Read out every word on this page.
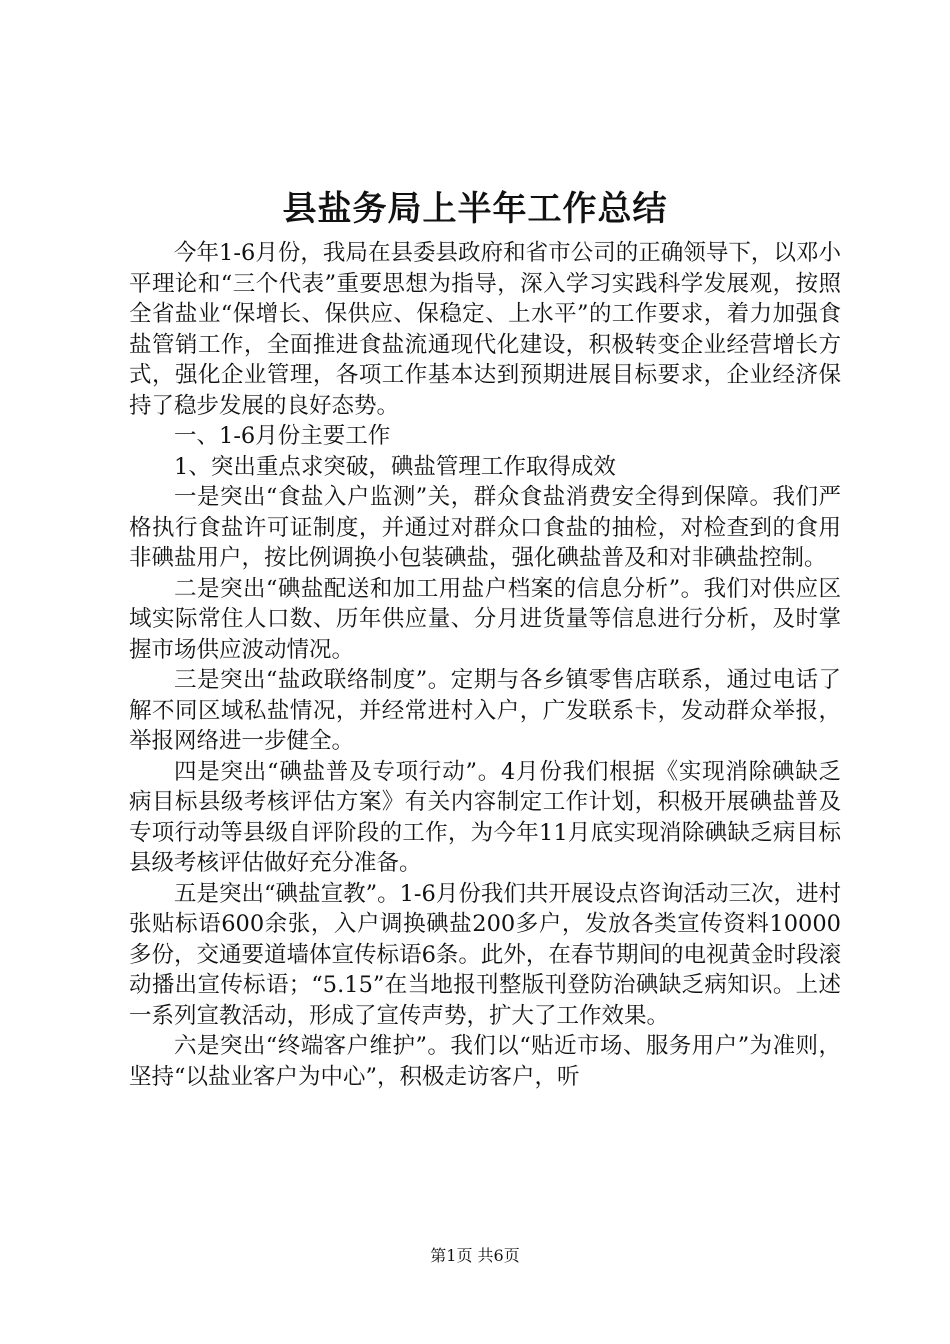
县盐务局上半年工作总结

今年1-6月份，我局在县委县政府和省市公司的正确领导下，以邓小平理论和“三个代表”重要思想为指导，深入学习实践科学发展观，按照全省盐业“保增长、保供应、保稳定、上水平”的工作要求，着力加强食盐管销工作，全面推进食盐流通现代化建设，积极转变企业经营增长方式，强化企业管理，各项工作基本达到预期进展目标要求，企业经济保持了稳步发展的良好态势。

一、1-6月份主要工作

1、突出重点求突破，碘盐管理工作取得成效

一是突出“食盐入户监测”关，群众食盐消费安全得到保障。我们严格执行食盐许可证制度，并通过对群众口食盐的抽检，对检查到的食用非碘盐用户，按比例调换小包装碘盐，强化碘盐普及和对非碘盐控制。

二是突出“碘盐配送和加工用盐户档案的信息分析”。我们对供应区域实际常住人口数、历年供应量、分月进货量等信息进行分析，及时掌握市场供应波动情况。

三是突出“盐政联络制度”。定期与各乡镇零售店联系，通过电话了解不同区域私盐情况，并经常进村入户，广发联系卡，发动群众举报，举报网络进一步健全。

四是突出“碘盐普及专项行动”。4月份我们根据《实现消除碘缺乏病目标县级考核评估方案》有关内容制定工作计划，积极开展碘盐普及专项行动等县级自评阶段的工作，为今年11月底实现消除碘缺乏病目标县级考核评估做好充分准备。

五是突出“碘盐宣教”。1-6月份我们共开展设点咨询活动三次，进村张贴标语600余张，入户调换碘盐200多户，发放各类宣传资料10000多份，交通要道墙体宣传标语6条。此外，在春节期间的电视黄金时段滚动播出宣传标语；“5.15”在当地报刊整版刊登防治碘缺乏病知识。上述一系列宣教活动，形成了宣传声势，扩大了工作效果。

六是突出“终端客户维护”。我们以“贴近市场、服务用户”为准则，坚持“以盐业客户为中心”，积极走访客户，听

第1页 共6页
